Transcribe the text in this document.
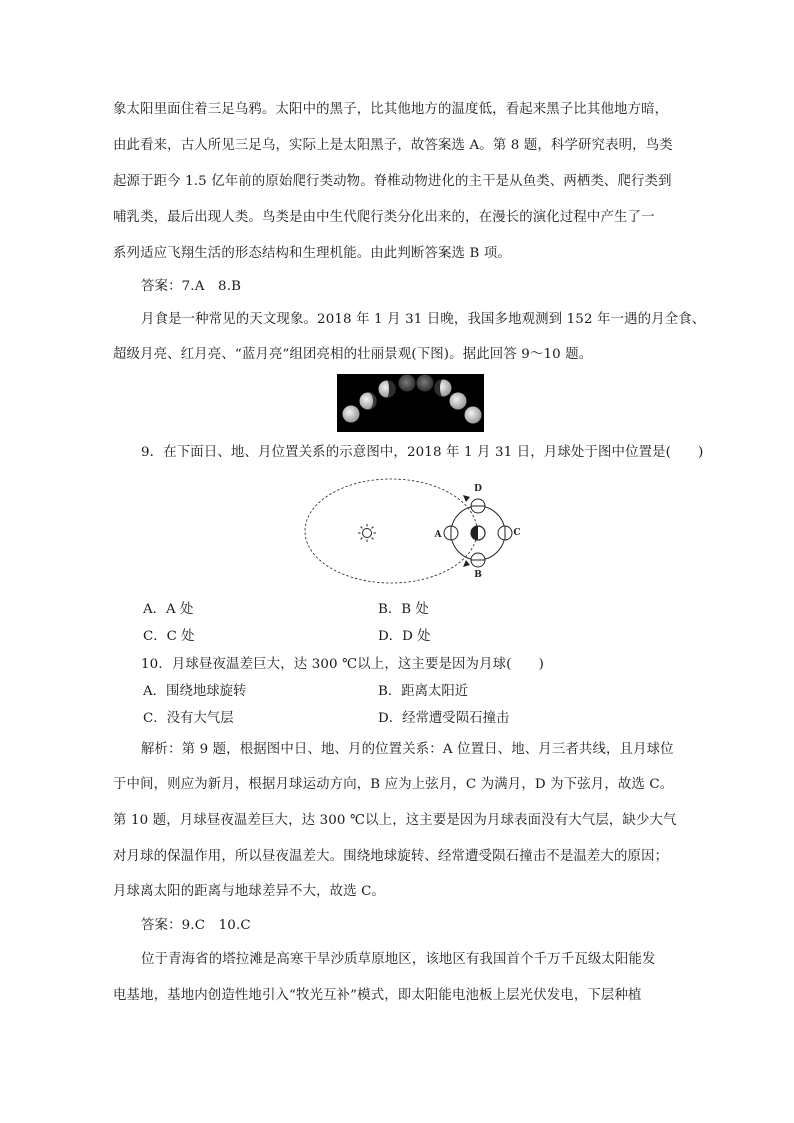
象太阳里面住着三足乌鸦。太阳中的黑子，比其他地方的温度低，看起来黑子比其他地方暗，
由此看来，古人所见三足乌，实际上是太阳黑子，故答案选 A。第 8 题，科学研究表明，鸟类
起源于距今 1.5 亿年前的原始爬行类动物。脊椎动物进化的主干是从鱼类、两栖类、爬行类到
哺乳类，最后出现人类。鸟类是由中生代爬行类分化出来的，在漫长的演化过程中产生了一
系列适应飞翔生活的形态结构和生理机能。由此判断答案选 B 项。
答案：7.A　8.B
月食是一种常见的天文现象。2018 年 1 月 31 日晚，我国多地观测到 152 年一遇的月全食、
超级月亮、红月亮、“蓝月亮”组团亮相的壮丽景观(下图)。据此回答 9～10 题。
9．在下面日、地、月位置关系的示意图中，2018 年 1 月 31 日，月球处于图中位置是(　　)
D
B
A	C
A．A 处	B．B 处
C．C 处	D．D 处
10．月球昼夜温差巨大，达 300 ℃以上，这主要是因为月球(　　)
A．围绕地球旋转	B．距离太阳近
C．没有大气层	D．经常遭受陨石撞击
解析：第 9 题，根据图中日、地、月的位置关系：A 位置日、地、月三者共线，且月球位
于中间，则应为新月，根据月球运动方向，B 应为上弦月，C 为满月，D 为下弦月，故选 C。
第 10 题，月球昼夜温差巨大，达 300 ℃以上，这主要是因为月球表面没有大气层，缺少大气
对月球的保温作用，所以昼夜温差大。围绕地球旋转、经常遭受陨石撞击不是温差大的原因；
月球离太阳的距离与地球差异不大，故选 C。
答案：9.C　10.C
位于青海省的塔拉滩是高寒干旱沙质草原地区，该地区有我国首个千万千瓦级太阳能发
电基地，基地内创造性地引入“牧光互补”模式，即太阳能电池板上层光伏发电，下层种植
